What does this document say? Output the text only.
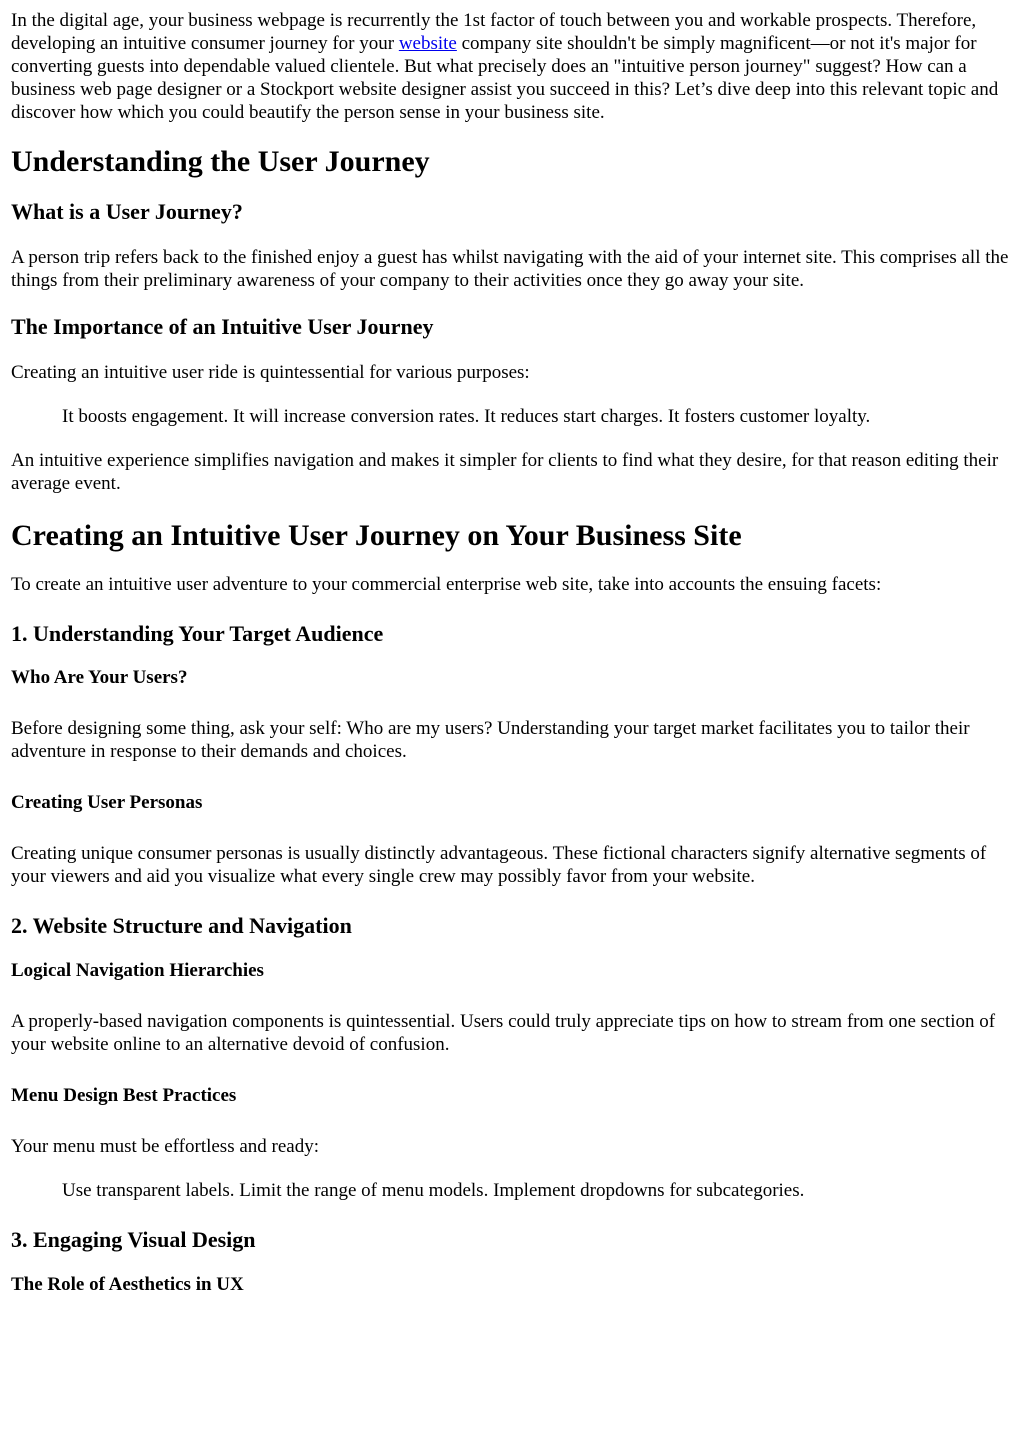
In the digital age, your business webpage is recurrently the 1st factor of touch between you and workable prospects. Therefore, developing an intuitive consumer journey for your website company site shouldn't be simply magnificent—or not it's major for converting guests into dependable valued clientele. But what precisely does an "intuitive person journey" suggest? How can a business web page designer or a Stockport website designer assist you succeed in this? Let’s dive deep into this relevant topic and discover how which you could beautify the person sense in your business site.

Understanding the User Journey
What is a User Journey?

A person trip refers back to the finished enjoy a guest has whilst navigating with the aid of your internet site. This comprises all the things from their preliminary awareness of your company to their activities once they go away your site.

The Importance of an Intuitive User Journey

Creating an intuitive user ride is quintessential for various purposes:

It boosts engagement. It will increase conversion rates. It reduces start charges. It fosters customer loyalty.

An intuitive experience simplifies navigation and makes it simpler for clients to find what they desire, for that reason editing their average event.

Creating an Intuitive User Journey on Your Business Site

To create an intuitive user adventure to your commercial enterprise web site, take into accounts the ensuing facets:

1. Understanding Your Target Audience
Who Are Your Users?

Before designing some thing, ask your self: Who are my users? Understanding your target market facilitates you to tailor their adventure in response to their demands and choices.

Creating User Personas

Creating unique consumer personas is usually distinctly advantageous. These fictional characters signify alternative segments of your viewers and aid you visualize what every single crew may possibly favor from your website.

2. Website Structure and Navigation
Logical Navigation Hierarchies

A properly-based navigation components is quintessential. Users could truly appreciate tips on how to stream from one section of your website online to an alternative devoid of confusion.

Menu Design Best Practices

Your menu must be effortless and ready:

Use transparent labels. Limit the range of menu models. Implement dropdowns for subcategories.

3. Engaging Visual Design
The Role of Aesthetics in UX
